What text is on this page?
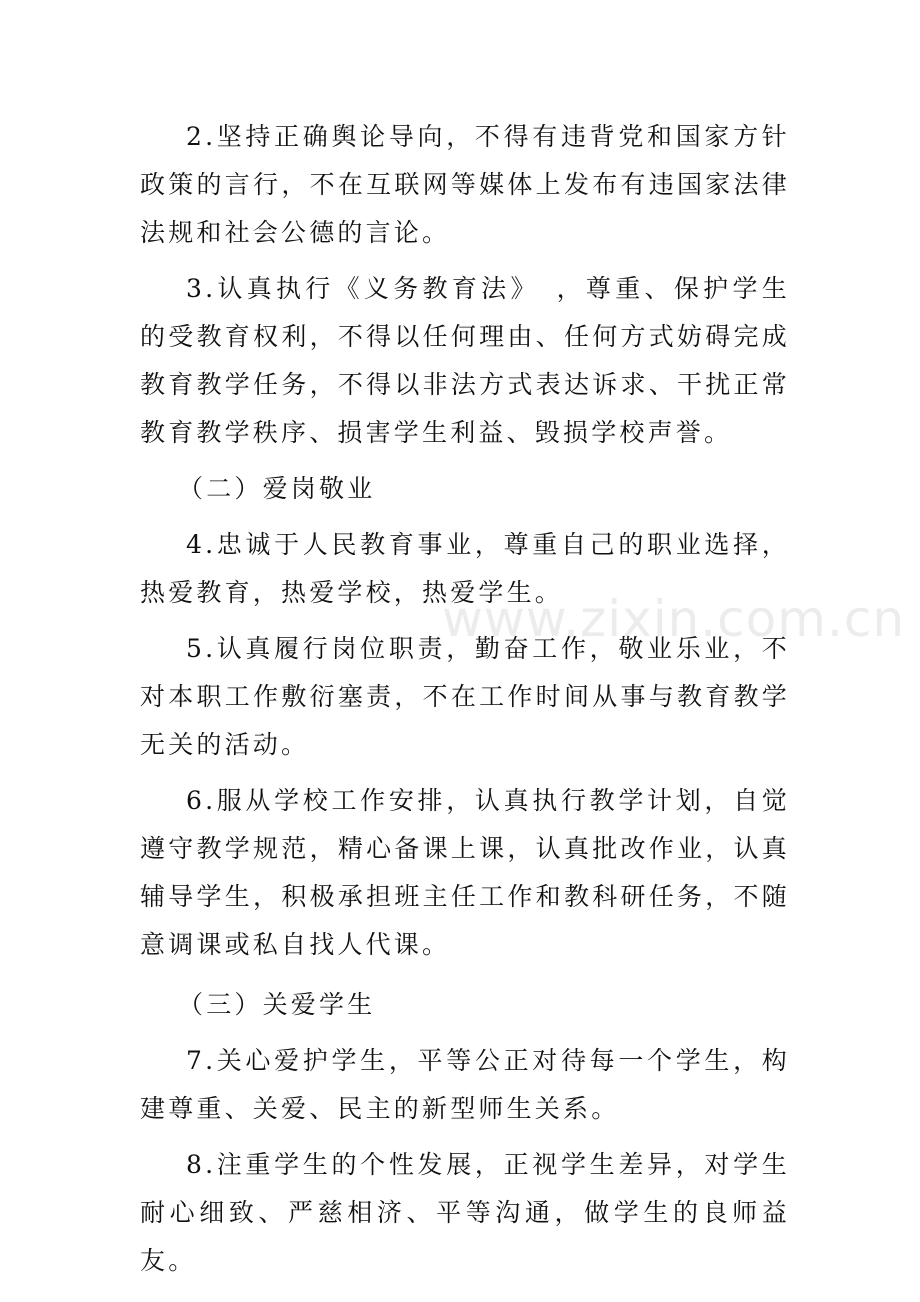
2.坚持正确舆论导向，不得有违背党和国家方针政策的言行，不在互联网等媒体上发布有违国家法律法规和社会公德的言论。

3.认真执行《义务教育法》　，尊重、保护学生的受教育权利，不得以任何理由、任何方式妨碍完成教育教学任务，不得以非法方式表达诉求、干扰正常教育教学秩序、损害学生利益、毁损学校声誉。

（二）爱岗敬业

4.忠诚于人民教育事业，尊重自己的职业选择，热爱教育，热爱学校，热爱学生。

5.认真履行岗位职责，勤奋工作，敬业乐业，不对本职工作敷衍塞责，不在工作时间从事与教育教学无关的活动。

6.服从学校工作安排，认真执行教学计划，自觉遵守教学规范，精心备课上课，认真批改作业，认真辅导学生，积极承担班主任工作和教科研任务，不随意调课或私自找人代课。

（三）关爱学生

7.关心爱护学生，平等公正对待每一个学生，构建尊重、关爱、民主的新型师生关系。

8.注重学生的个性发展，正视学生差异，对学生耐心细致、严慈相济、平等沟通，做学生的良师益友。

www.zixin.com.cn
